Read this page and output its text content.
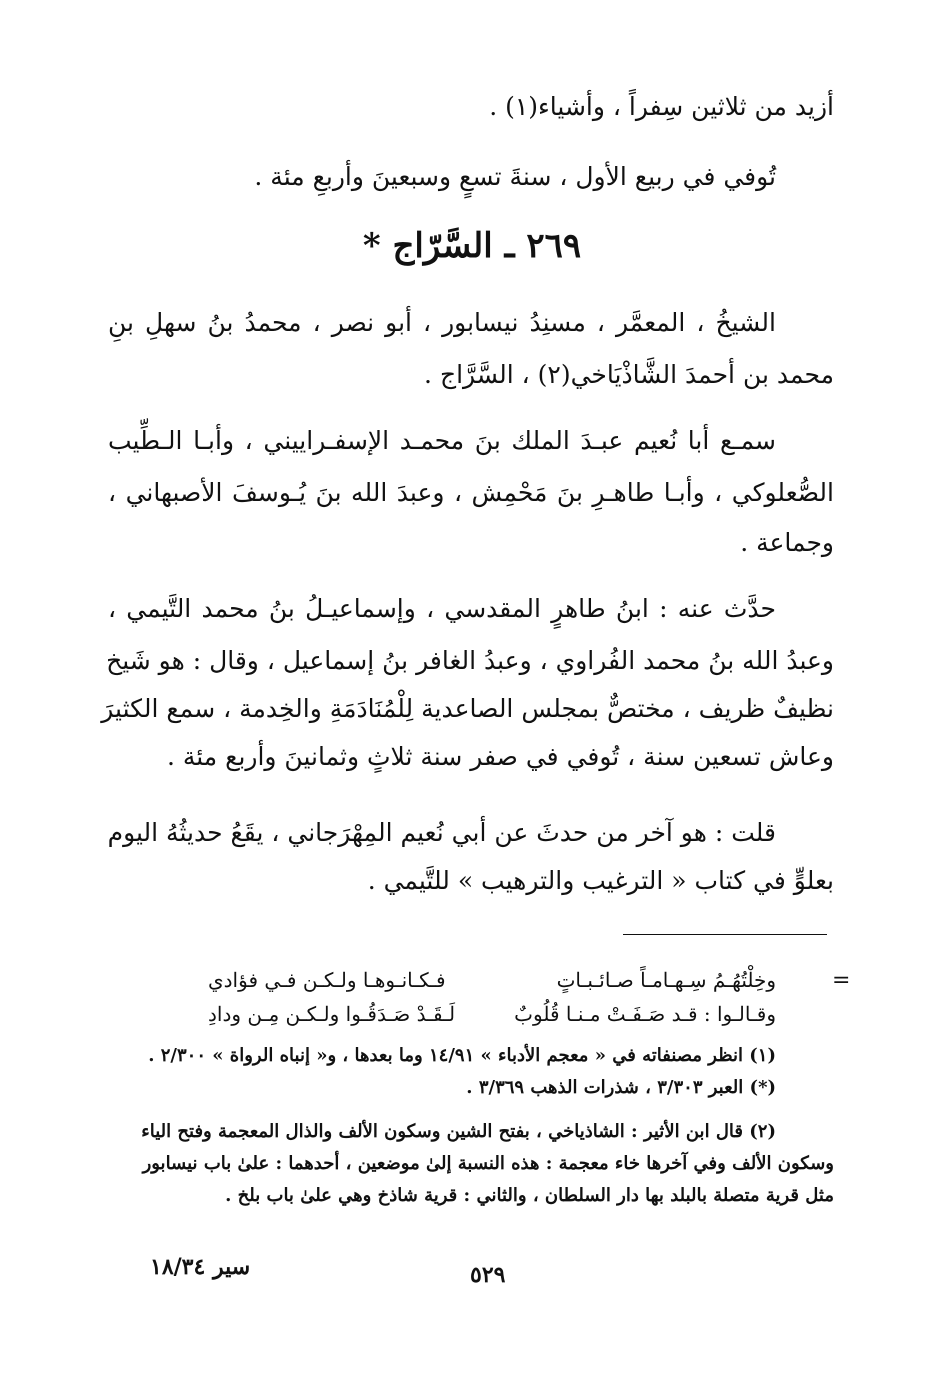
أزيد من ثلاثين سِفراً ، وأشياء(١) .
تُوفي في ربيع الأول ، سنةَ تسعٍ وسبعينَ وأربعِ مئة .
٢٦٩ ـ السَّرّاج *
الشيخُ ، المعمَّر ، مسنِدُ نيسابور ، أبو نصر ، محمدُ بنُ سهلِ بنِ
محمد بن أحمدَ الشَّاذْيَاخي(٢) ، السَّرَّاج .
سمـع أبا نُعيم عبـدَ الملك بنَ محمـد الإسفـراييني ، وأبـا الـطِّيب
الصُّعلوكي ، وأبـا طاهـرِ بنَ مَحْمِش ، وعبدَ الله بنَ يُـوسفَ الأصبهاني ،
وجماعة .
حدَّث عنه : ابنُ طاهرٍ المقدسي ، وإسماعيـلُ بنُ محمد التَّيمي ،
وعبدُ الله بنُ محمد الفُراوي ، وعبدُ الغافر بنُ إسماعيل ، وقال : هو شَيخ
نظيفٌ ظريف ، مختصٌّ بمجلس الصاعدية لِلْمُنَادَمَةِ والخِدمة ، سمع الكثيرَ
وعاش تسعين سنة ، تُوفي في صفر سنة ثلاثٍ وثمانينَ وأربع مئة .
قلت : هو آخر من حدثَ عن أبي نُعيم المِهْرَجاني ، يقَعُ حديثُهُ اليوم
بعلوٍّ في كتاب « الترغيب والترهيب » للتَّيمي .
=
وخِلْتُهُـمُ سِـهـامـاً صـائـبـاتٍ
فـكـانـوهـا ولـكـن فـي فؤادي
وقـالـوا : قـد صَـفَـتْ مـنـا قُلُوبٌ
لَـقَـدْ صَـدَقُـوا ولـكـن مِـن ودادِ
(١) انظر مصنفاته في « معجم الأدباء » ١٤/٩١ وما بعدها ، و« إنباه الرواة » ٢/٣٠٠ .
(*) العبر ٣/٣٠٣ ، شذرات الذهب ٣/٣٦٩ .
(٢) قال ابن الأثير : الشاذياخي ، بفتح الشين وسكون الألف والذال المعجمة وفتح الياء
وسكون الألف وفي آخرها خاء معجمة : هذه النسبة إلىٰ موضعين ، أحدهما : علىٰ باب نيسابور
مثل قرية متصلة بالبلد بها دار السلطان ، والثاني : قرية شاذخ وهي علىٰ باب بلخ .
٥٢٩
سير ١٨/٣٤
